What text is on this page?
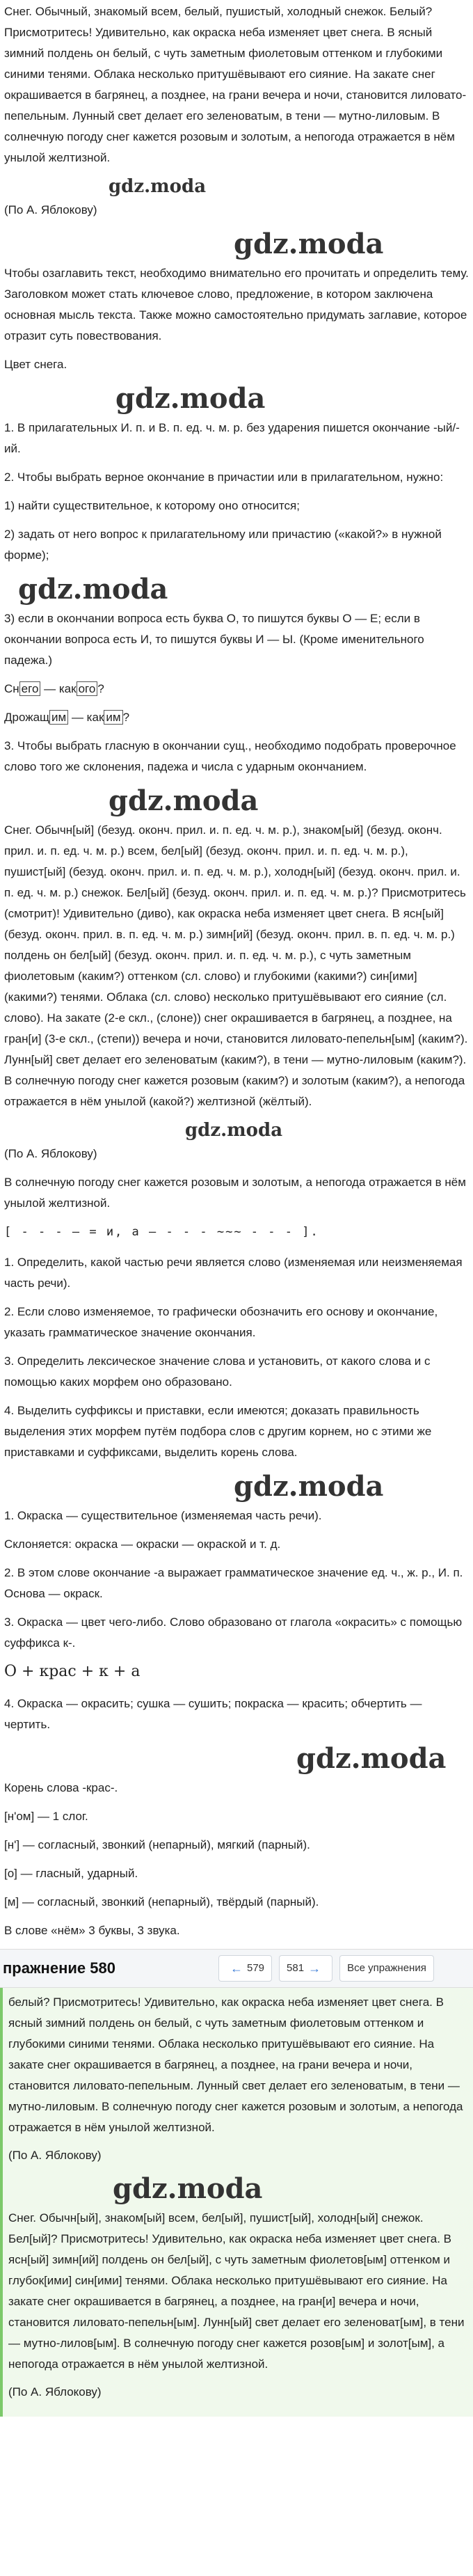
Снег. Обычный, знакомый всем, белый, пушистый, холодный снежок. Белый? Присмотритесь! Удивительно, как окраска неба изменяет цвет снега. В ясный зимний полдень он белый, с чуть заметным фиолетовым оттенком и глубокими синими тенями. Облака несколько притушёвывают его сияние. На закате снег окрашивается в багрянец, а позднее, на грани вечера и ночи, становится лиловато-пепельным. Лунный свет делает его зеленоватым, в тени — мутно-лиловым. В солнечную погоду снег кажется розовым и золотым, а непогода отражается в нём унылой желтизной.

gdz.moda

(По А. Яблокову)

gdz.moda

Чтобы озаглавить текст, необходимо внимательно его прочитать и определить тему. Заголовком может стать ключевое слово, предложение, в котором заключена основная мысль текста. Также можно самостоятельно придумать заглавие, которое отразит суть повествования.

Цвет снега.

gdz.moda

1. В прилагательных И. п. и В. п. ед. ч. м. р. без ударения пишется окончание -ый/-ий.

2. Чтобы выбрать верное окончание в причастии или в прилагательном, нужно:

1) найти существительное, к которому оно относится;

2) задать от него вопрос к прилагательному или причастию («какой?» в нужной форме);

gdz.moda

3) если в окончании вопроса есть буква О, то пишутся буквы О — Е; если в окончании вопроса есть И, то пишутся буквы И — Ы. (Кроме именительного падежа.)

Сн его — как ого ?

Дрожащ им — как им ?

3. Чтобы выбрать гласную в окончании сущ., необходимо подобрать проверочное слово того же склонения, падежа и числа с ударным окончанием.

gdz.moda

Снег. Обычн[ый] (безуд. оконч. прил. и. п. ед. ч. м. р.), знаком[ый] (безуд. оконч. прил. и. п. ед. ч. м. р.) всем, бел[ый] (безуд. оконч. прил. и. п. ед. ч. м. р.), пушист[ый] (безуд. оконч. прил. и. п. ед. ч. м. р.), холодн[ый] (безуд. оконч. прил. и. п. ед. ч. м. р.) снежок. Бел[ый] (безуд. оконч. прил. и. п. ед. ч. м. р.)? Присмотритесь (смотрит)! Удивительно (диво), как окраска неба изменяет цвет снега. В ясн[ый] (безуд. оконч. прил. в. п. ед. ч. м. р.) зимн[ий] (безуд. оконч. прил. в. п. ед. ч. м. р.) полдень он бел[ый] (безуд. оконч. прил. и. п. ед. ч. м. р.), с чуть заметным фиолетовым (каким?) оттенком (сл. слово) и глубокими (какими?) син[ими] (какими?) тенями. Облака (сл. слово) несколько притушёвывают его сияние (сл. слово). На закате (2-е скл., (слоне)) снег окрашивается в багрянец, а позднее, на гран[и] (3-е скл., (степи)) вечера и ночи, становится лиловато-пепельн[ым] (каким?). Лунн[ый] свет делает его зеленоватым (каким?), в тени — мутно-лиловым (каким?). В солнечную погоду снег кажется розовым (каким?) и золотым (каким?), а непогода отражается в нём унылой (какой?) желтизной (жёлтый).

gdz.moda

(По А. Яблокову)

В солнечную погоду снег кажется розовым и золотым, а непогода отражается в нём унылой желтизной.

[ - - - — = и, а — - - - ~~~ - - - ].

1. Определить, какой частью речи является слово (изменяемая или неизменяемая часть речи).

2. Если слово изменяемое, то графически обозначить его основу и окончание, указать грамматическое значение окончания.

3. Определить лексическое значение слова и установить, от какого слова и с помощью каких морфем оно образовано.

4. Выделить суффиксы и приставки, если имеются; доказать правильность выделения этих морфем путём подбора слов с другим корнем, но с этими же приставками и суффиксами, выделить корень слова.

gdz.moda

1. Окраска — существительное (изменяемая часть речи).

Склоняется: окраска — окраски — окраской и т. д.

2. В этом слове окончание -а выражает грамматическое значение ед. ч., ж. р., И. п. Основа — окраск.

3. Окраска — цвет чего-либо. Слово образовано от глагола «окрасить» с помощью суффикса к-.

О + крас + к + а

4. Окраска — окрасить; сушка — сушить; покраска — красить; обчертить — чертить.

gdz.moda

Корень слова -крас-.

[н'ом] — 1 слог.

[н'] — согласный, звонкий (непарный), мягкий (парный).

[о] — гласный, ударный.

[м] — согласный, звонкий (непарный), твёрдый (парный).

В слове «нём» 3 буквы, 3 звука.

пражнение 580	← 579 581 →	Все упражнения

белый? Присмотритесь! Удивительно, как окраска неба изменяет цвет снега. В ясный зимний полдень он белый, с чуть заметным фиолетовым оттенком и глубокими синими тенями. Облака несколько притушёвывают его сияние. На закате снег окрашивается в багрянец, а позднее, на грани вечера и ночи, становится лиловато-пепельным. Лунный свет делает его зеленоватым, в тени — мутно-лиловым. В солнечную погоду снег кажется розовым и золотым, а непогода отражается в нём унылой желтизной.

(По А. Яблокову)

gdz.moda

Снег. Обычн[ый], знаком[ый] всем, бел[ый], пушист[ый], холодн[ый] снежок. Бел[ый]? Присмотритесь! Удивительно, как окраска неба изменяет цвет снега. В ясн[ый] зимн[ий] полдень он бел[ый], с чуть заметным фиолетов[ым] оттенком и глубок[ими] син[ими] тенями. Облака несколько притушёвывают его сияние. На закате снег окрашивается в багрянец, а позднее, на гран[и] вечера и ночи, становится лиловато-пепельн[ым]. Лунн[ый] свет делает его зеленоват[ым], в тени — мутно-лилов[ым]. В солнечную погоду снег кажется розов[ым] и золот[ым], а непогода отражается в нём унылой желтизной.

(По А. Яблокову)
